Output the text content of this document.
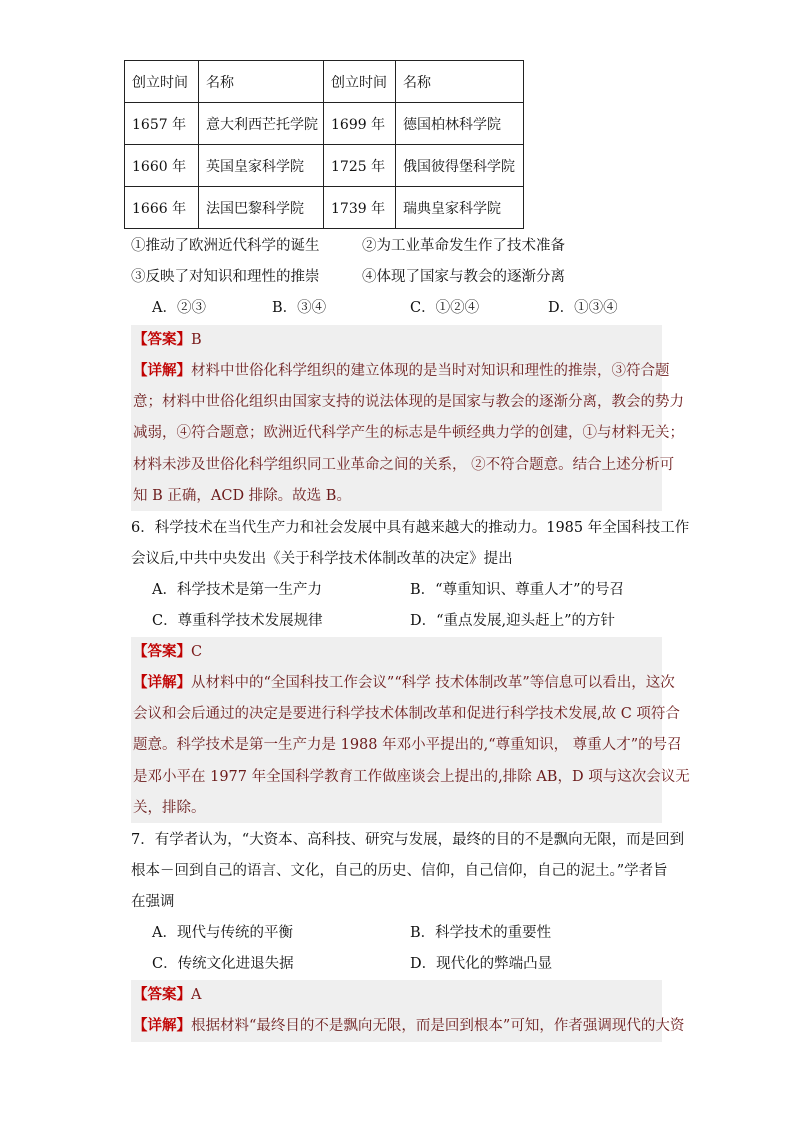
创立时间	名称	创立时间	名称
1657 年	意大利西芒托学院	1699 年	德国柏林科学院
1660 年	英国皇家科学院	1725 年	俄国彼得堡科学院
1666 年	法国巴黎科学院	1739 年	瑞典皇家科学院
①推动了欧洲近代科学的诞生	②为工业革命发生作了技术准备
③反映了对知识和理性的推崇	④体现了国家与教会的逐渐分离
A．②③	B．③④	C．①②④	D．①③④
【答案】B
【详解】材料中世俗化科学组织的建立体现的是当时对知识和理性的推崇，③符合题
意；材料中世俗化组织由国家支持的说法体现的是国家与教会的逐渐分离，教会的势力
减弱，④符合题意；欧洲近代科学产生的标志是牛顿经典力学的创建，①与材料无关；
材料未涉及世俗化科学组织同工业革命之间的关系， ②不符合题意。结合上述分析可
知 B 正确，ACD 排除。故选 B。
6．科学技术在当代生产力和社会发展中具有越来越大的推动力。1985 年全国科技工作
会议后,中共中央发出《关于科学技术体制改革的决定》提出
A．科学技术是第一生产力	B．“尊重知识、尊重人才”的号召
C．尊重科学技术发展规律	D．“重点发展,迎头赶上”的方针
【答案】C
【详解】从材料中的“全国科技工作会议”“科学 技术体制改革”等信息可以看出，这次
会议和会后通过的决定是要进行科学技术体制改革和促进行科学技术发展,故 C 项符合
题意。科学技术是第一生产力是 1988 年邓小平提出的,“尊重知识， 尊重人才”的号召
是邓小平在 1977 年全国科学教育工作做座谈会上提出的,排除 AB，D 项与这次会议无
关，排除。
7．有学者认为，“大资本、高科技、研究与发展，最终的目的不是飘向无限，而是回到
根本－回到自己的语言、文化，自己的历史、信仰，自己信仰，自己的泥土。”学者旨
在强调
A．现代与传统的平衡	B．科学技术的重要性
C．传统文化进退失据	D．现代化的弊端凸显
【答案】A
【详解】根据材料“最终目的不是飘向无限，而是回到根本”可知，作者强调现代的大资
